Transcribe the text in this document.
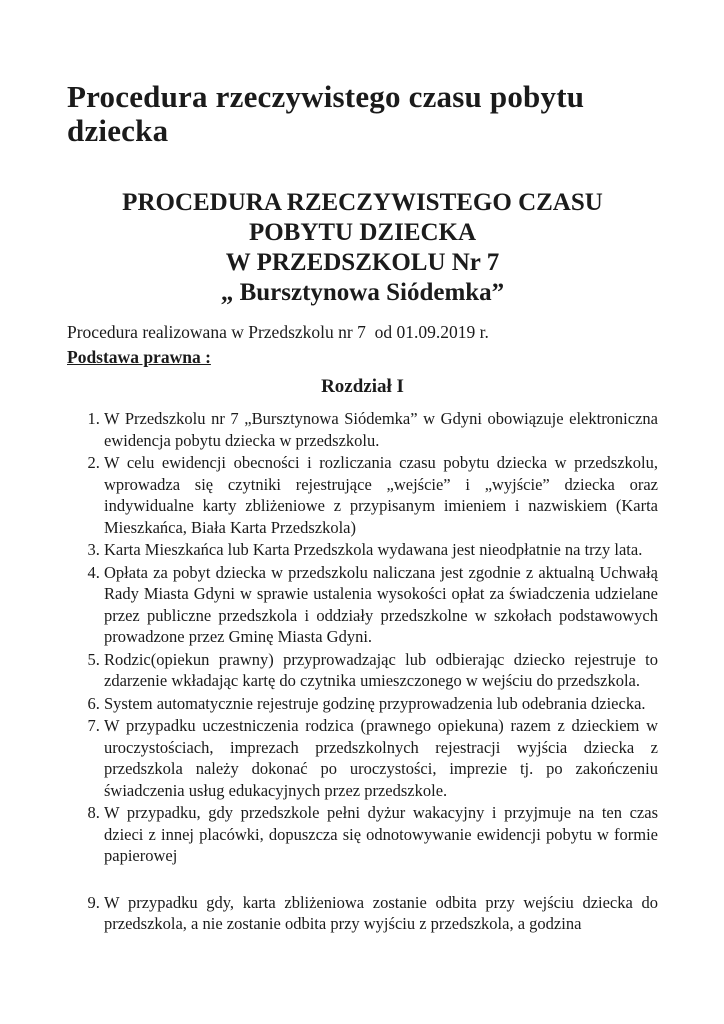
Procedura rzeczywistego czasu pobytu dziecka

PROCEDURA RZECZYWISTEGO CZASU POBYTU DZIECKA

W PRZEDSZKOLU Nr 7

„ Bursztynowa Siódemka”

Procedura realizowana w Przedszkolu nr 7  od 01.09.2019 r.

Podstawa prawna :

Rozdział I
1. W Przedszkolu nr 7 „Bursztynowa Siódemka” w Gdyni obowiązuje elektroniczna ewidencja pobytu dziecka w przedszkolu.
2. W celu ewidencji obecności i rozliczania czasu pobytu dziecka w przedszkolu, wprowadza się czytniki rejestrujące „wejście” i „wyjście” dziecka oraz indywidualne karty zbliżeniowe z przypisanym imieniem i nazwiskiem (Karta Mieszkańca, Biała Karta Przedszkola)
3. Karta Mieszkańca lub Karta Przedszkola wydawana jest nieodpłatnie na trzy lata.
4. Opłata za pobyt dziecka w przedszkolu naliczana jest zgodnie z aktualną Uchwałą Rady Miasta Gdyni w sprawie ustalenia wysokości opłat za świadczenia udzielane przez publiczne przedszkola i oddziały przedszkolne w szkołach podstawowych prowadzone przez Gminę Miasta Gdyni.
5. Rodzic(opiekun prawny) przyprowadzając lub odbierając dziecko rejestruje to zdarzenie wkładając kartę do czytnika umieszczonego w wejściu do przedszkola.
6. System automatycznie rejestruje godzinę przyprowadzenia lub odebrania dziecka.
7. W przypadku uczestniczenia rodzica (prawnego opiekuna) razem z dzieckiem w uroczystościach, imprezach przedszkolnych rejestracji wyjścia dziecka z przedszkola należy dokonać po uroczystości, imprezie tj. po zakończeniu świadczenia usług edukacyjnych przez przedszkole.
8. W przypadku, gdy przedszkole pełni dyżur wakacyjny i przyjmuje na ten czas dzieci z innej placówki, dopuszcza się odnotowywanie ewidencji pobytu w formie papierowej
9. W przypadku gdy, karta zbliżeniowa zostanie odbita przy wejściu dziecka do przedszkola, a nie zostanie odbita przy wyjściu z przedszkola, a godzina
